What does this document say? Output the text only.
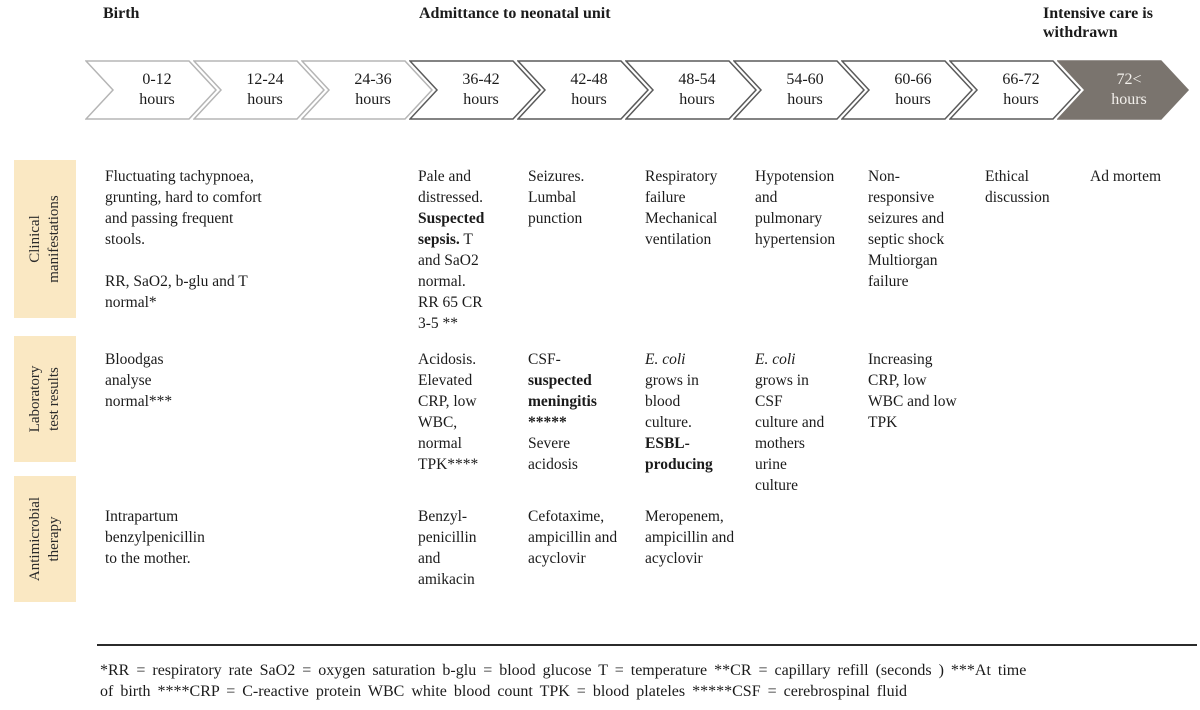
Birth	Admittance to neonatal unit	Intensive care is withdrawn
0-12
hours
12-24
hours
24-36
hours
36-42
hours
42-48
hours
48-54
hours
54-60
hours
60-66
hours
66-72
hours
72<
hours
Clinical manifestations
Laboratory test results
Antimicrobial therapy
Fluctuating tachypnoea,
grunting, hard to comfort
and passing frequent
stools.

RR, SaO2, b-glu and T
normal*
Pale and
distressed.
Suspected
sepsis. T
and SaO2
normal.
RR 65 CR
3-5 **
Seizures.
Lumbal
punction
Respiratory
failure
Mechanical
ventilation
Hypotension
and
pulmonary
hypertension
Non-
responsive
seizures and
septic shock
Multiorgan
failure
Ethical
discussion
Ad mortem
Bloodgas
analyse
normal***
Acidosis.
Elevated
CRP, low
WBC,
normal
TPK****
CSF-
suspected
meningitis
*****
Severe
acidosis
E. coli
grows in
blood
culture.
ESBL-
producing
E. coli
grows in
CSF
culture and
mothers
urine
culture
Increasing
CRP, low
WBC and low
TPK
Intrapartum
benzylpenicillin
to the mother.
Benzyl-
penicillin
and
amikacin
Cefotaxime,
ampicillin and
acyclovir
Meropenem,
ampicillin and
acyclovir
*RR = respiratory rate SaO2 = oxygen saturation b-glu = blood glucose T = temperature **CR = capillary refill (seconds ) ***At time
of birth ****CRP = C-reactive protein WBC white blood count TPK = blood plateles *****CSF = cerebrospinal fluid
